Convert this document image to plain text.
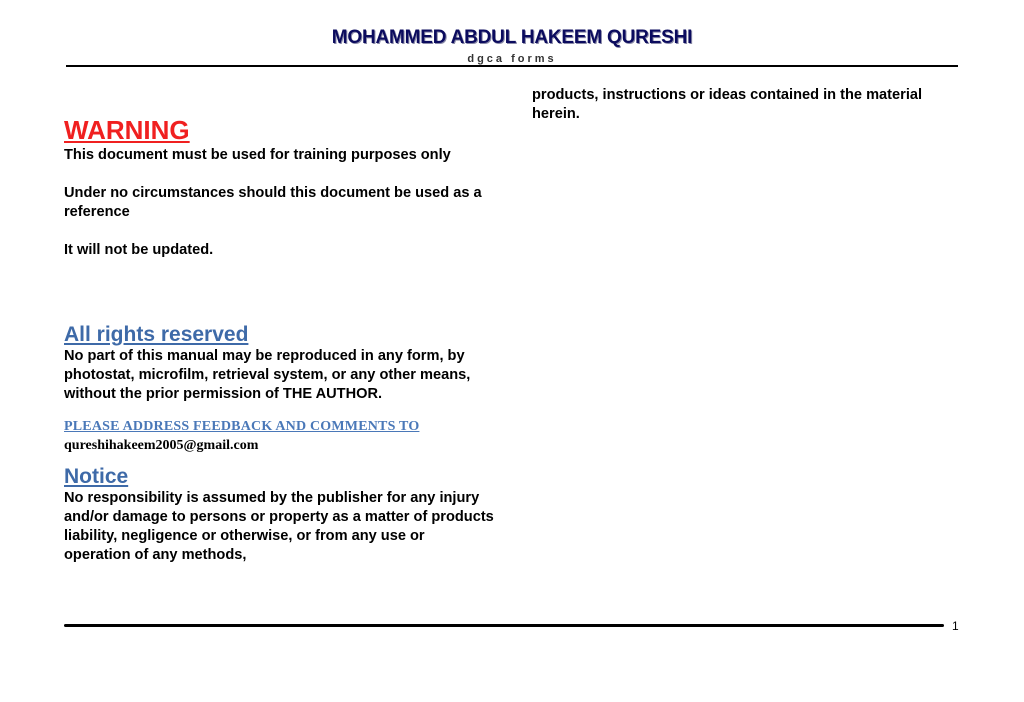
MOHAMMED ABDUL HAKEEM QURESHI
dgca forms
WARNING

This document must be used for training purposes only

Under no circumstances should this document be used as a reference

It will not be updated.

All rights reserved

No part of this manual may be reproduced in any form, by photostat, microfilm, retrieval system, or any other means, without the prior permission of THE AUTHOR.

PLEASE ADDRESS FEEDBACK AND COMMENTS TO

qureshihakeem2005@gmail.com

Notice

No responsibility is assumed by the publisher for any injury and/or damage to persons or property as a matter of products liability, negligence or otherwise, or from any use or operation of any methods,

products, instructions or ideas contained in the material herein.

1
